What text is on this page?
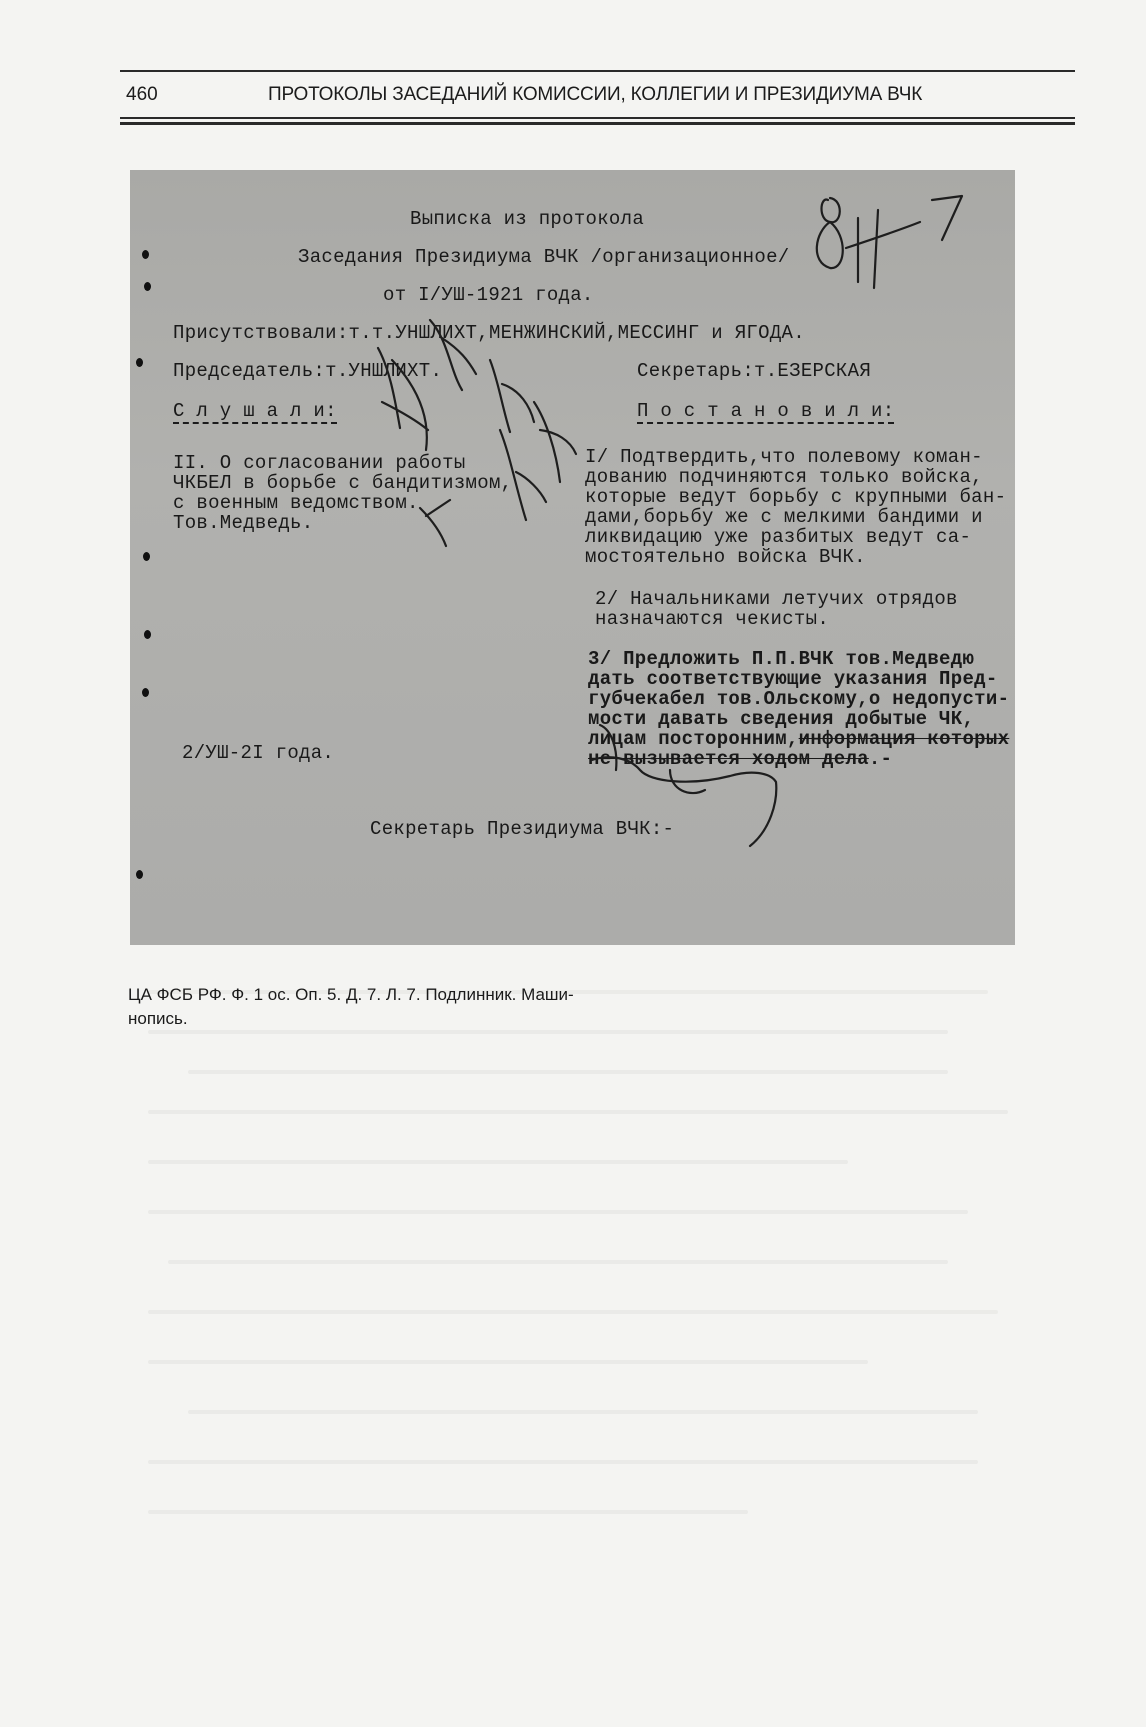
460	ПРОТОКОЛЫ ЗАСЕДАНИЙ КОМИССИИ, КОЛЛЕГИИ И ПРЕЗИДИУМА ВЧК
Выписка из протокола
Заседания Президиума ВЧК /организационное/
от I/УШ-1921 года.
Присутствовали:т.т.УНШЛИХТ,МЕНЖИНСКИЙ,МЕССИНГ и ЯГОДА.
Председатель:т.УНШЛИХТ.	Секретарь:т.ЕЗЕРСКАЯ
С л у ш а л и:	П о с т а н о в и л и:
II. О согласовании работы
ЧКБЕЛ в борьбе с бандитизмом,
с военным ведомством.
Тов.Медведь.
I/ Подтвердить,что полевому коман-
дованию подчиняются только войска,
которые ведут борьбу с крупными бан-
дами,борьбу же с мелкими бандими и
ликвидацию уже разбитых ведут са-
мостоятельно войска ВЧК.
2/ Начальниками летучих отрядов
назначаются чекисты.
3/ Предложить П.П.ВЧК тов.Медведю
дать соответствующие указания Пред-
губчекабел тов.Ольскому,о недопусти-
мости давать сведения добытые ЧК,
лицам посторонним,информация которых
не вызывается ходом дела.-
2/УШ-2I года.
Секретарь Президиума ВЧК:-
ЦА ФСБ РФ. Ф. 1 ос. Оп. 5. Д. 7. Л. 7. Подлинник. Маши-
нопись.
